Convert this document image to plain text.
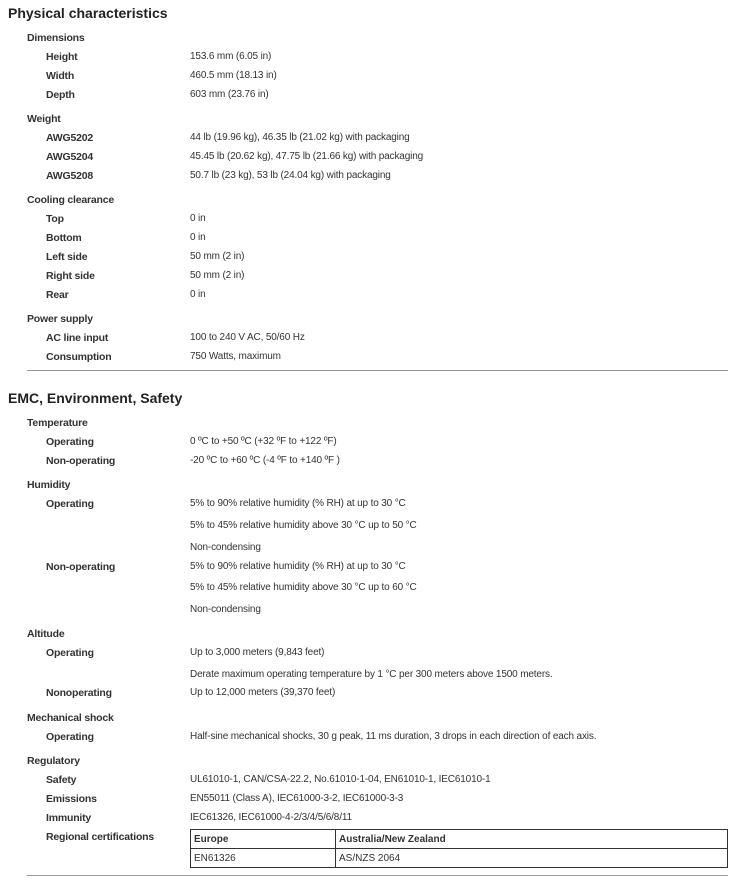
Physical characteristics
Dimensions
Height	153.6 mm (6.05 in)
Width	460.5 mm (18.13 in)
Depth	603 mm (23.76 in)
Weight
AWG5202	44 lb (19.96 kg), 46.35 lb (21.02 kg) with packaging
AWG5204	45.45 lb (20.62 kg), 47.75 lb (21.66 kg) with packaging
AWG5208	50.7 lb (23 kg), 53 lb (24.04 kg) with packaging
Cooling clearance
Top	0 in
Bottom	0 in
Left side	50 mm (2 in)
Right side	50 mm (2 in)
Rear	0 in
Power supply
AC line input	100 to 240 V AC, 50/60 Hz
Consumption	750 Watts, maximum
EMC, Environment, Safety
Temperature
Operating	0 ºC to +50 ºC (+32 ºF to +122 ºF)
Non-operating	-20 ºC to +60 ºC (-4 ºF to +140 ºF )
Humidity
Operating	5% to 90% relative humidity (% RH) at up to 30 °C
5% to 45% relative humidity above 30 °C up to 50 °C
Non-condensing
Non-operating	5% to 90% relative humidity (% RH) at up to 30 °C
5% to 45% relative humidity above 30 °C up to 60 °C
Non-condensing
Altitude
Operating	Up to 3,000 meters (9,843 feet)
Derate maximum operating temperature by 1 °C per 300 meters above 1500 meters.
Nonoperating	Up to 12,000 meters (39,370 feet)
Mechanical shock
Operating	Half-sine mechanical shocks, 30 g peak, 11 ms duration, 3 drops in each direction of each axis.
Regulatory
Safety	UL61010-1, CAN/CSA-22.2, No.61010-1-04, EN61010-1, IEC61010-1
Emissions	EN55011 (Class A), IEC61000-3-2, IEC61000-3-3
Immunity	IEC61326, IEC61000-4-2/3/4/5/6/8/11
Regional certifications	Europe	Australia/New Zealand
EN61326	AS/NZS 2064
